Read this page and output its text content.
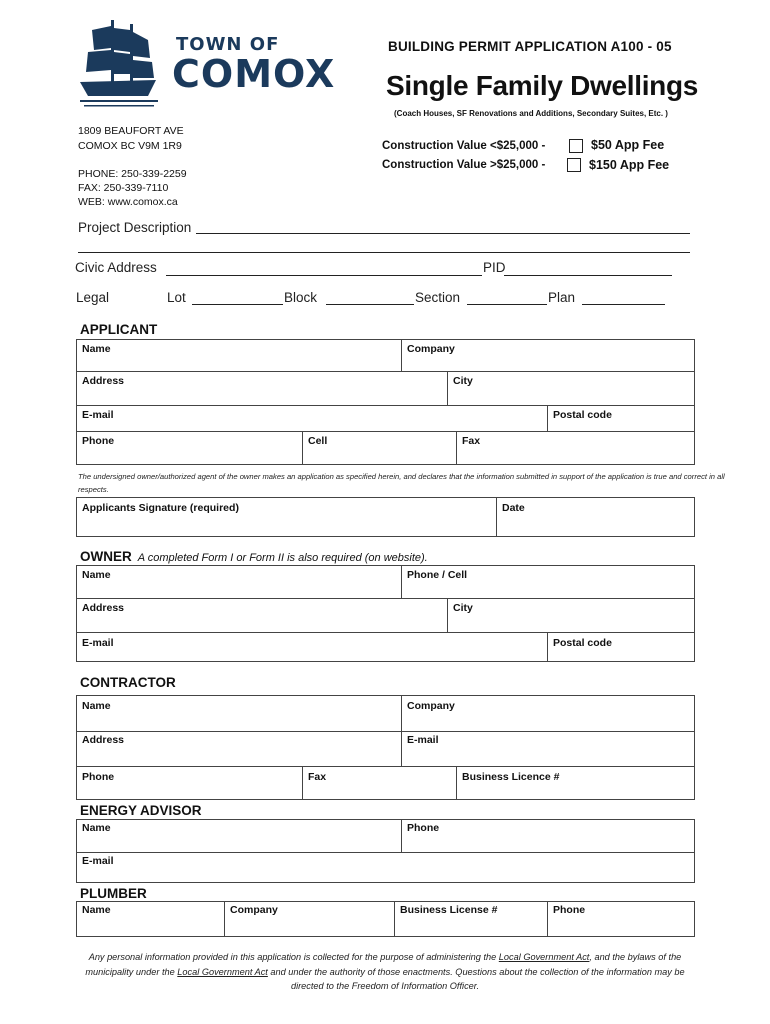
TOWN OF
COMOX
1809 BEAUFORT AVE
COMOX BC V9M 1R9
PHONE: 250-339-2259
FAX: 250-339-7110
WEB: www.comox.ca
BUILDING PERMIT APPLICATION A100 - 05
Single Family Dwellings
(Coach Houses, SF Renovations and Additions, Secondary Suites, Etc. )
Construction Value <$25,000 -	$50 App Fee
Construction Value >$25,000 -	$150 App Fee
Project Description
Civic Address	PID
Legal	Lot	Block	Section	Plan
APPLICANT
Name	Company
Address	City
E-mail	Postal code
Phone	Cell	Fax
The undersigned owner/authorized agent of the owner makes an application as specified herein, and declares that the information submitted in support of the application is true and correct in all respects.
Applicants Signature (required)	Date
OWNER A completed Form I or Form II is also required (on website).
Name	Phone / Cell
Address	City
E-mail	Postal code
CONTRACTOR
Name	Company
Address	E-mail
Phone	Fax	Business Licence #
ENERGY ADVISOR
Name	Phone
E-mail
PLUMBER
Name	Company	Business License #	Phone
Any personal information provided in this application is collected for the purpose of administering the Local Government Act, and the bylaws of the municipality under the Local Government Act and under the authority of those enactments. Questions about the collection of the information may be directed to the Freedom of Information Officer.
